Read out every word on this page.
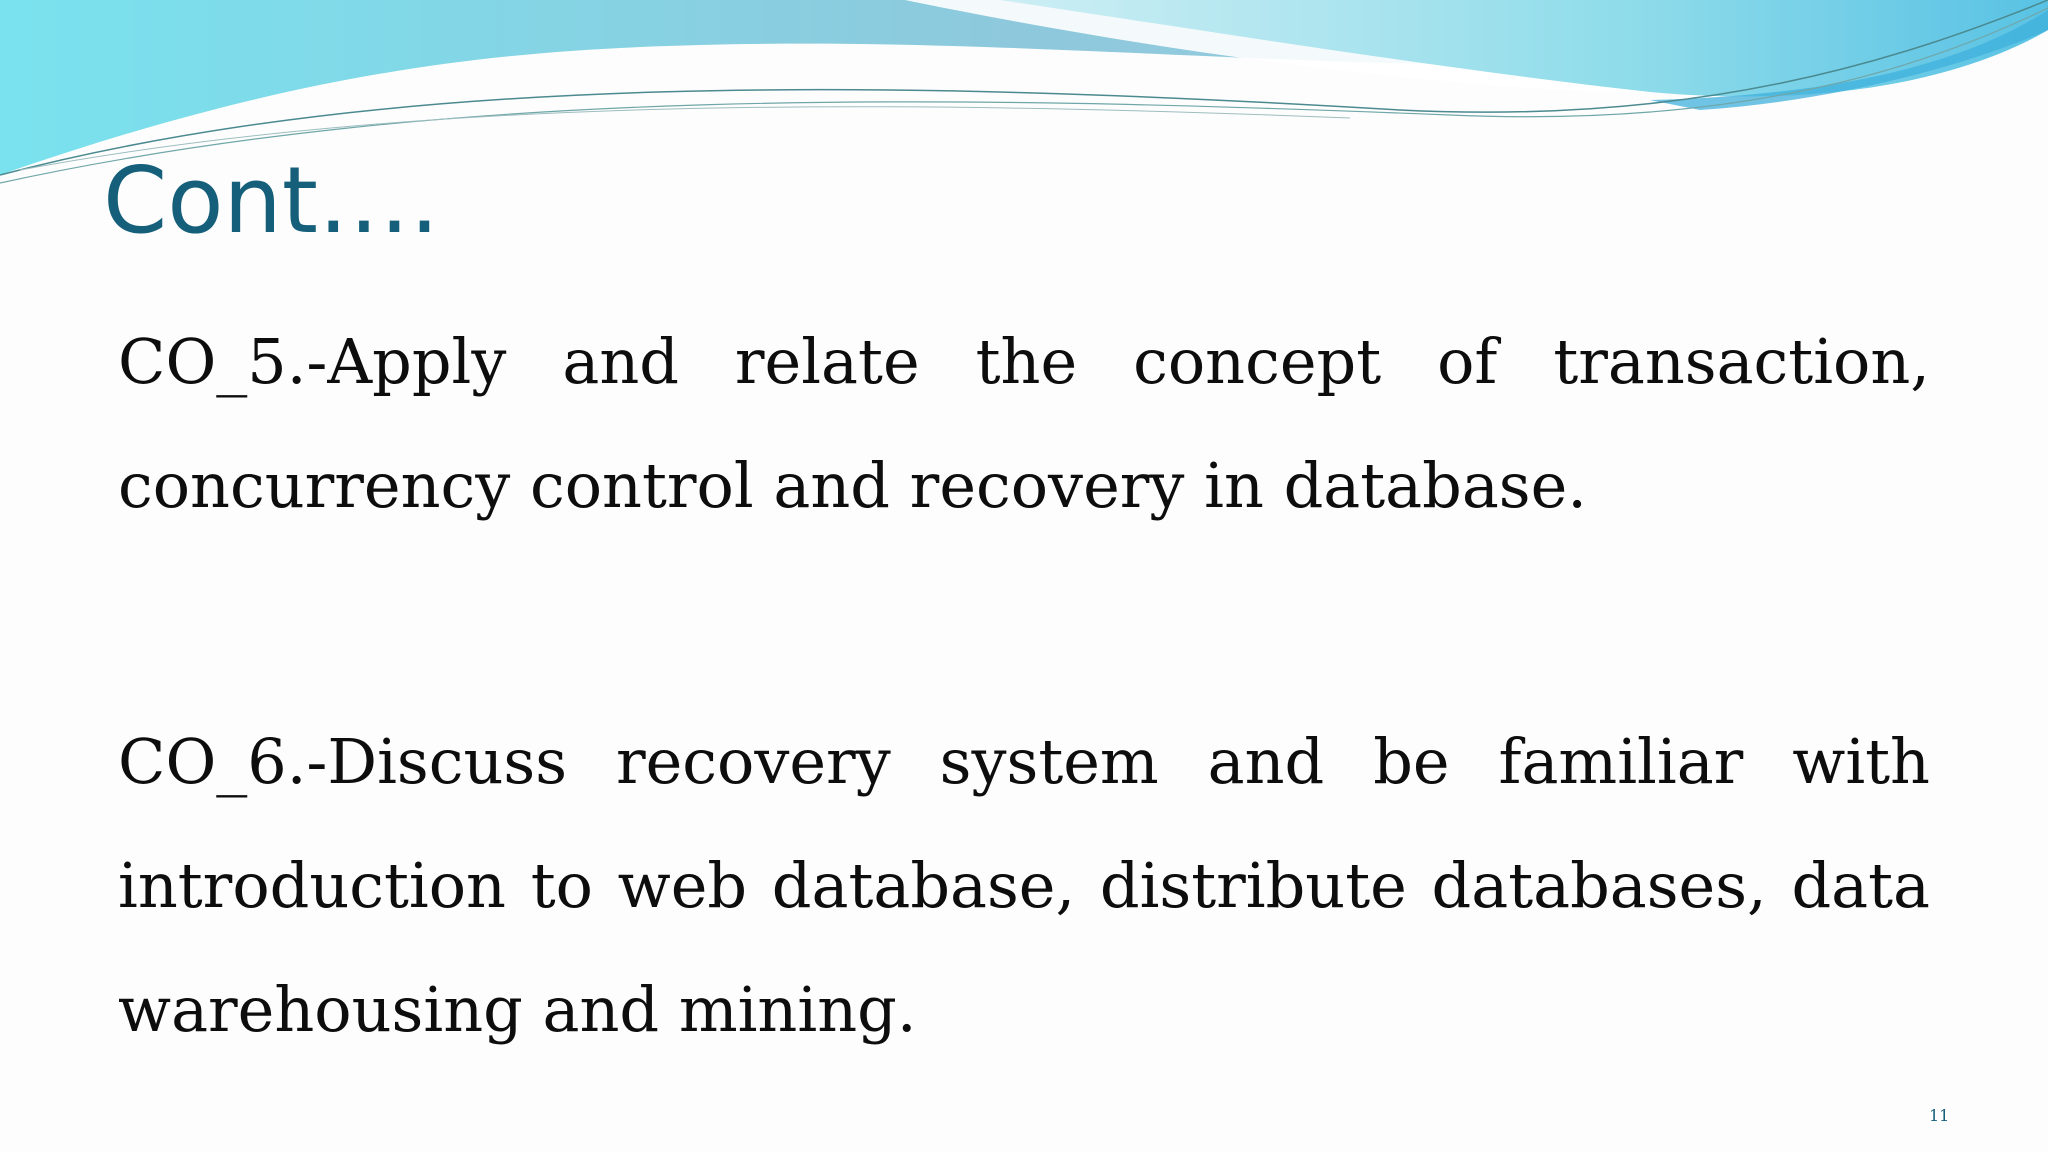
Cont….

CO_5.-Apply and relate the concept of transaction, concurrency control and recovery in database.

CO_6.-Discuss recovery system and be familiar with introduction to web database, distribute databases, data warehousing and mining.

11
